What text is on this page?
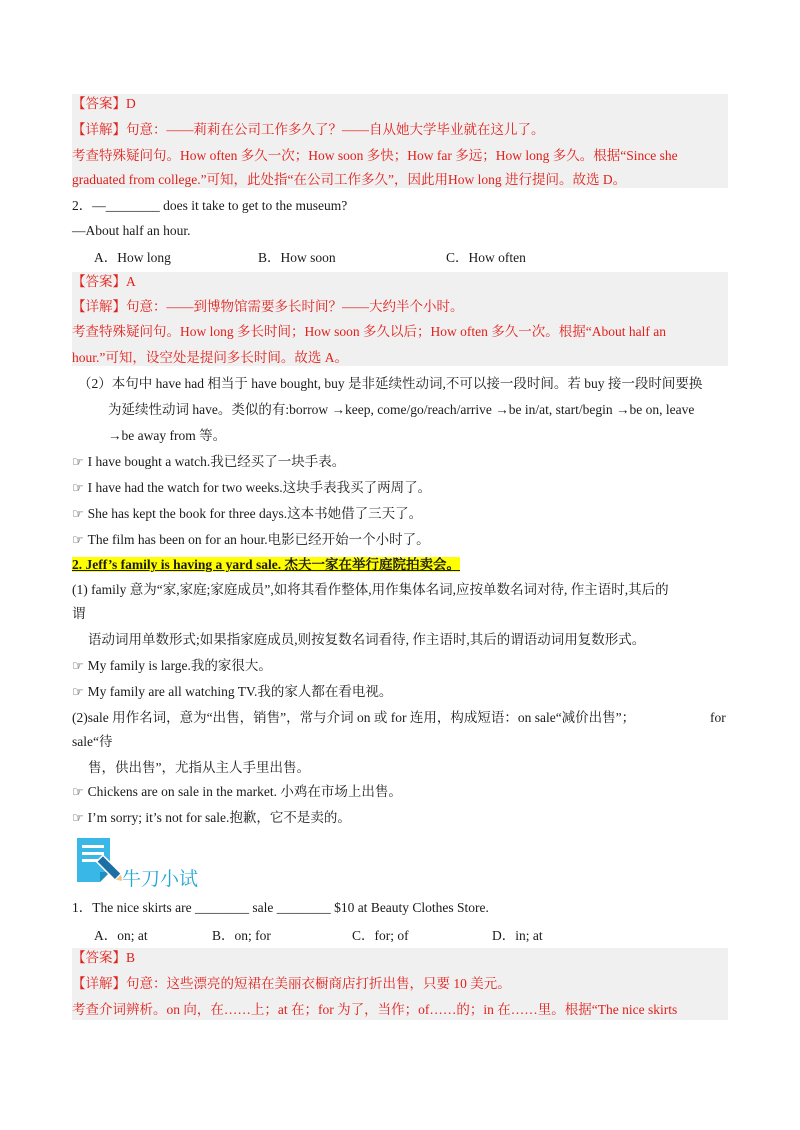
【答案】D
【详解】句意：——莉莉在公司工作多久了？——自从她大学毕业就在这儿了。
考查特殊疑问句。How often 多久一次；How soon 多快；How far 多远；How long 多久。根据“Since she
graduated from college.”可知，此处指“在公司工作多久”，因此用How long 进行提问。故选 D。
2．—________ does it take to get to the museum?
—About half an hour.
A．How long	B．How soon	C．How often
【答案】A
【详解】句意：——到博物馆需要多长时间？——大约半个小时。
考查特殊疑问句。How long 多长时间；How soon 多久以后；How often 多久一次。根据“About half an
hour.”可知，设空处是提问多长时间。故选 A。
（2）本句中 have had 相当于 have bought, buy 是非延续性动词,不可以接一段时间。若 buy 接一段时间要换
为延续性动词 have。类似的有:borrow →keep, come/go/reach/arrive →be in/at, start/begin →be on, leave
→be away from 等。
☞ I have bought a watch.我已经买了一块手表。
☞ I have had the watch for two weeks.这块手表我买了两周了。
☞ She has kept the book for three days.这本书她借了三天了。
☞ The film has been on for an hour.电影已经开始一个小时了。
2. Jeff’s family is having a yard sale. 杰夫一家在举行庭院拍卖会。
(1) family 意为“家,家庭;家庭成员”,如将其看作整体,用作集体名词,应按单数名词对待, 作主语时,其后的
谓
语动词用单数形式;如果指家庭成员,则按复数名词看待, 作主语时,其后的谓语动词用复数形式。
☞ My family is large.我的家很大。
☞ My family are all watching TV.我的家人都在看电视。
(2)sale 用作名词，意为“出售，销售”，常与介词 on 或 for 连用，构成短语：on sale“减价出售”；	for
sale“待
售，供出售”，尤指从主人手里出售。
☞ Chickens are on sale in the market. 小鸡在市场上出售。
☞ I’m sorry; it’s not for sale.抱歉，它不是卖的。
牛刀小试
1．The nice skirts are ________ sale ________ $10 at Beauty Clothes Store.
A．on; at	B．on; for	C．for; of	D．in; at
【答案】B
【详解】句意：这些漂亮的短裙在美丽衣橱商店打折出售，只要 10 美元。
考查介词辨析。on 向，在……上；at 在；for 为了，当作；of……的；in 在……里。根据“The nice skirts
